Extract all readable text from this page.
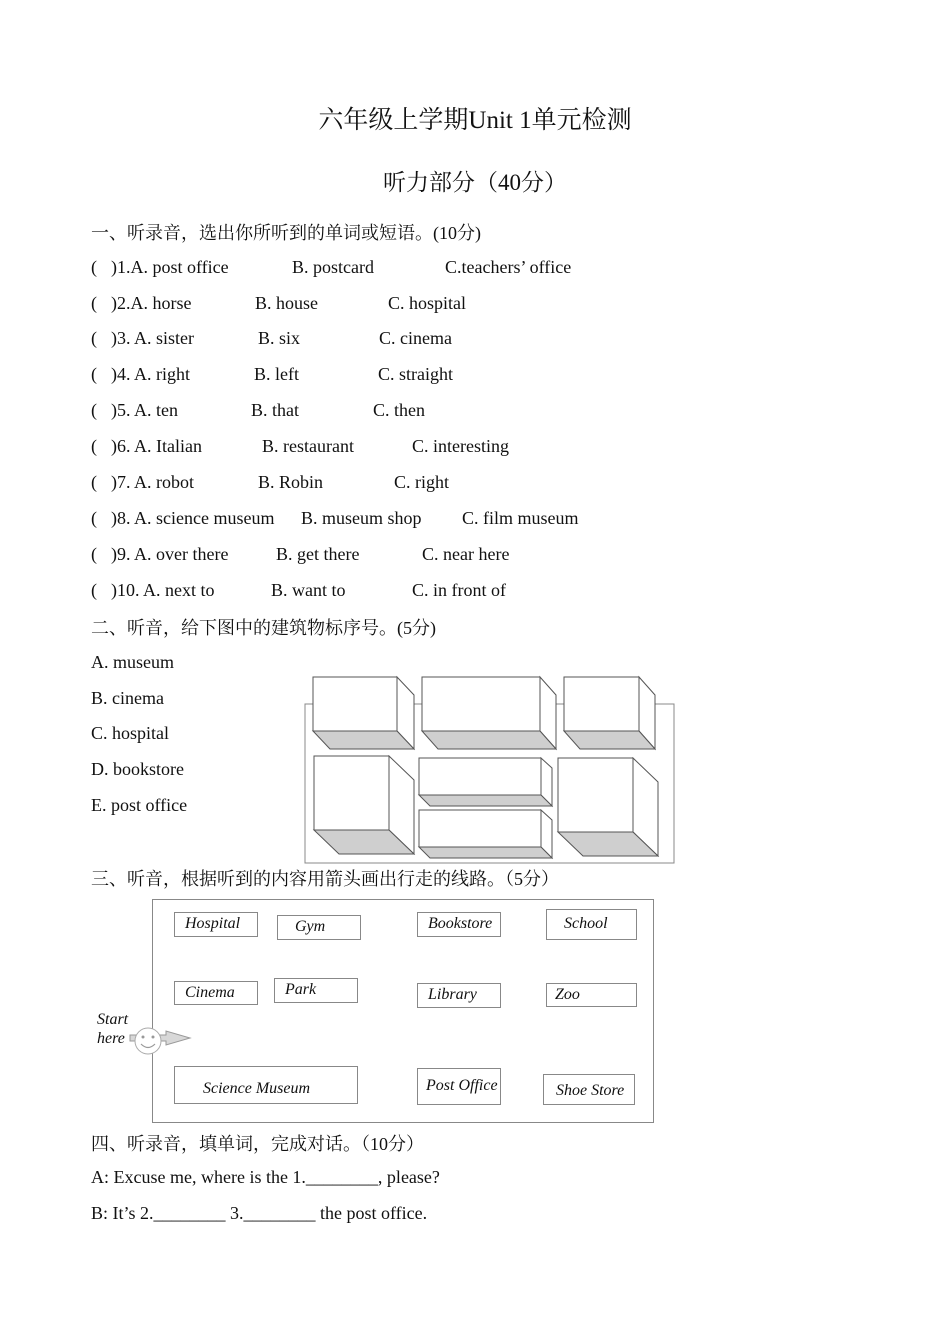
六年级上学期Unit 1单元检测
听力部分（40分）
一、听录音，选出你所听到的单词或短语。(10分)
( )1.A. post office	B. postcard	C.teachers’ office
( )2.A. horse	B. house	C. hospital
( )3. A. sister	B. six	C. cinema
( )4. A. right	B. left	C. straight
( )5. A. ten	B. that	C. then
( )6. A. Italian	B. restaurant	C. interesting
( )7. A. robot	B. Robin	C. right
( )8. A. science museum B. museum shop C. film museum
( )9. A. over there	B. get there	C. near here
( )10. A. next to	B. want to	C. in front of
二、听音，给下图中的建筑物标序号。(5分)
A. museum
B. cinema
C. hospital
D. bookstore
E. post office
三、听音，根据听到的内容用箭头画出行走的线路。（5分）
Hospital	Gym	Bookstore	School
Cinema	Park	Library	Zoo
Science Museum	Post Office	Shoe Store
Start
here
四、听录音，填单词，完成对话。（10分）
A: Excuse me, where is the 1.________, please?
B: It’s 2.________ 3.________ the post office.
